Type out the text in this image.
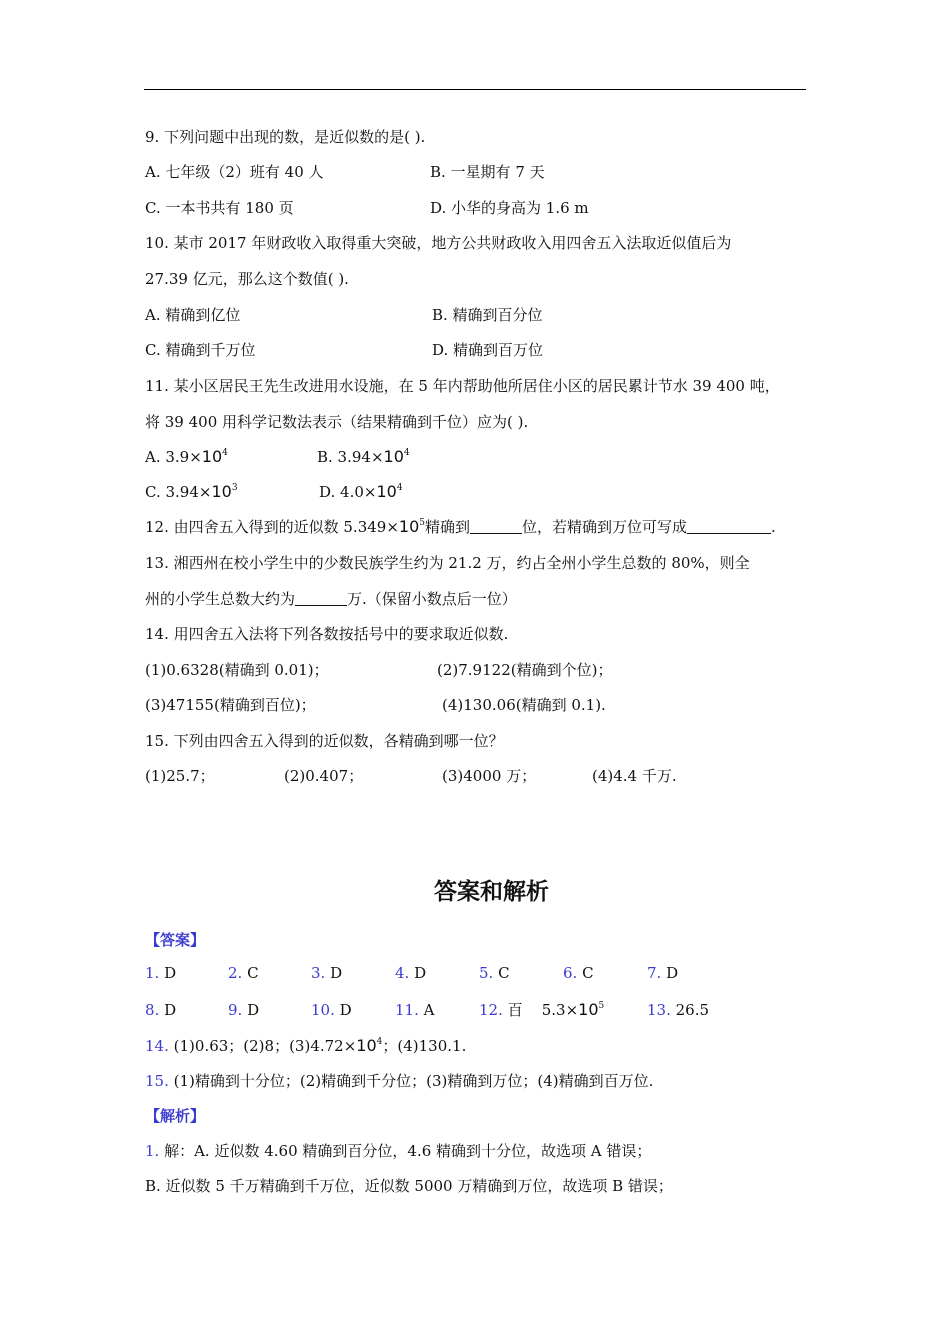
9. 下列问题中出现的数，是近似数的是( ).
A. 七年级（2）班有 40 人	B. 一星期有 7 天
C. 一本书共有 180 页	D. 小华的身高为 1.6 m
10. 某市 2017 年财政收入取得重大突破，地方公共财政收入用四舍五入法取近似值后为
27.39 亿元，那么这个数值( ).
A. 精确到亿位	B. 精确到百分位
C. 精确到千万位	D. 精确到百万位
11. 某小区居民王先生改进用水设施，在 5 年内帮助他所居住小区的居民累计节水 39 400 吨，
将 39 400 用科学记数法表示（结果精确到千位）应为( ).
A. $3.9\times 10^4$	B. $3.94\times 10^4$
C. $3.94\times 10^3$	D. $4.0\times 10^4$
12. 由四舍五入得到的近似数 $5.349\times 10^5$精确到	位，若精确到万位可写成	.
13. 湘西州在校小学生中的少数民族学生约为 21.2 万，约占全州小学生总数的 80%，则全
州的小学生总数大约为	万.（保留小数点后一位）
14. 用四舍五入法将下列各数按括号中的要求取近似数.
(1)0.6328(精确到 0.01)；	(2)7.9122(精确到个位)；
(3)47155(精确到百位)；	(4)130.06(精确到 0.1).
15. 下列由四舍五入得到的近似数，各精确到哪一位？
(1)25.7；	(2)0.407；	(3)4000 万；	(4)4.4 千万.
答案和解析
【答案】
1. D	2. C	3. D	4. D	5. C	6. C	7. D
8. D	9. D	10. D	11. A	12. 百 $5.3\times 10^5$	13. 26.5
14. (1)0.63；(2)8；$(3)4.72\times 10^4$；(4)130.1.
15. (1)精确到十分位；(2)精确到千分位；(3)精确到万位；(4)精确到百万位.
【解析】
1. 解：A. 近似数 4.60 精确到百分位，4.6 精确到十分位，故选项 A 错误；
B. 近似数 5 千万精确到千万位，近似数 5000 万精确到万位，故选项 B 错误；
